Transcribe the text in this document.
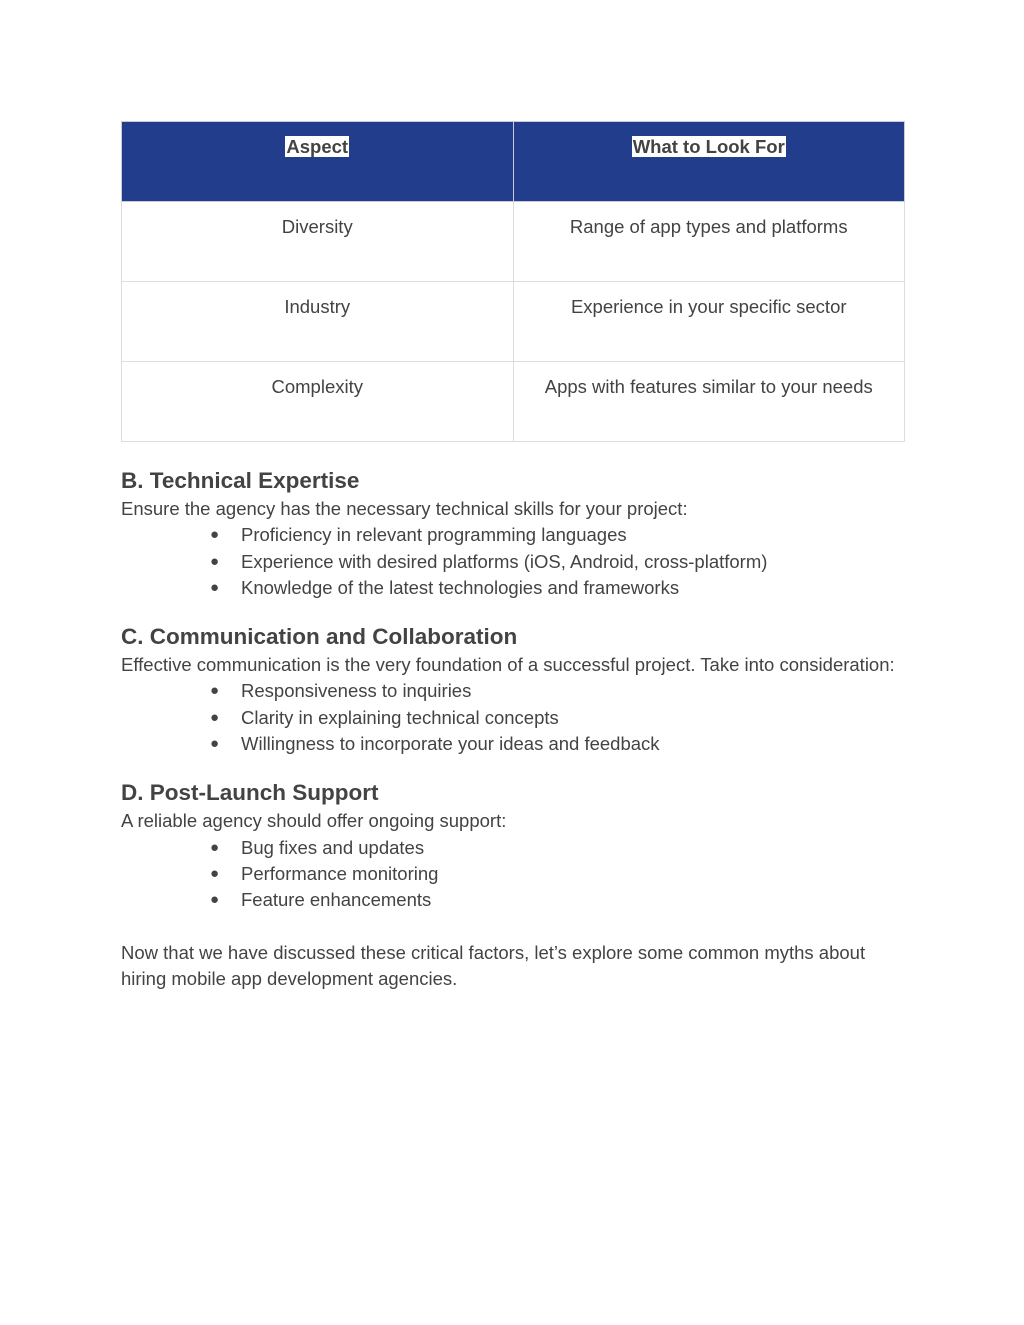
Aspect	What to Look For
Diversity	Range of app types and platforms
Industry	Experience in your specific sector
Complexity	Apps with features similar to your needs
B. Technical Expertise

Ensure the agency has the necessary technical skills for your project:

● Proficiency in relevant programming languages
● Experience with desired platforms (iOS, Android, cross-platform)
● Knowledge of the latest technologies and frameworks
C. Communication and Collaboration

Effective communication is the very foundation of a successful project. Take into consideration:

● Responsiveness to inquiries
● Clarity in explaining technical concepts
● Willingness to incorporate your ideas and feedback
D. Post-Launch Support

A reliable agency should offer ongoing support:

● Bug fixes and updates
● Performance monitoring
● Feature enhancements

Now that we have discussed these critical factors, let’s explore some common myths about hiring mobile app development agencies.
